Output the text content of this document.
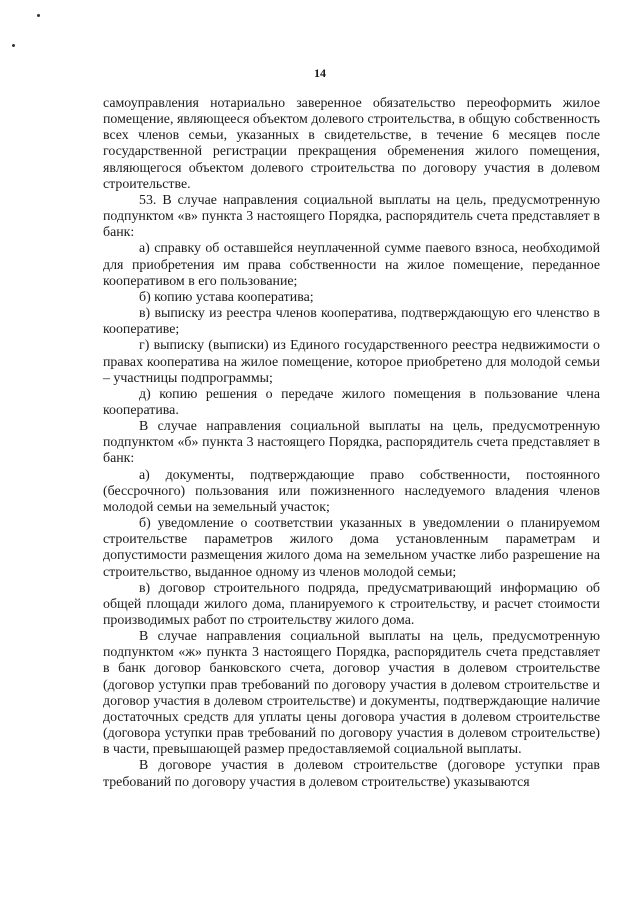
14

самоуправления нотариально заверенное обязательство переоформить жилое помещение, являющееся объектом долевого строительства, в общую собственность всех членов семьи, указанных в свидетельстве, в течение 6 месяцев после государственной регистрации прекращения обременения жилого помещения, являющегося объектом долевого строительства по договору участия в долевом строительстве.

53. В случае направления социальной выплаты на цель, предусмотренную подпунктом «в» пункта 3 настоящего Порядка, распорядитель счета представляет в банк:

а) справку об оставшейся неуплаченной сумме паевого взноса, необходимой для приобретения им права собственности на жилое помещение, переданное кооперативом в его пользование;

б) копию устава кооператива;

в) выписку из реестра членов кооператива, подтверждающую его членство в кооперативе;

г) выписку (выписки) из Единого государственного реестра недвижимости о правах кооператива на жилое помещение, которое приобретено для молодой семьи – участницы подпрограммы;

д) копию решения о передаче жилого помещения в пользование члена кооператива.

В случае направления социальной выплаты на цель, предусмотренную подпунктом «б» пункта 3 настоящего Порядка, распорядитель счета представляет в банк:

а) документы, подтверждающие право собственности, постоянного (бессрочного) пользования или пожизненного наследуемого владения членов молодой семьи на земельный участок;

б) уведомление о соответствии указанных в уведомлении о планируемом строительстве параметров жилого дома установленным параметрам и допустимости размещения жилого дома на земельном участке либо разрешение на строительство, выданное одному из членов молодой семьи;

в) договор строительного подряда, предусматривающий информацию об общей площади жилого дома, планируемого к строительству, и расчет стоимости производимых работ по строительству жилого дома.

В случае направления социальной выплаты на цель, предусмотренную подпунктом «ж» пункта 3 настоящего Порядка, распорядитель счета представляет в банк договор банковского счета, договор участия в долевом строительстве (договор уступки прав требований по договору участия в долевом строительстве и договор участия в долевом строительстве) и документы, подтверждающие наличие достаточных средств для уплаты цены договора участия в долевом строительстве (договора уступки прав требований по договору участия в долевом строительстве) в части, превышающей размер предоставляемой социальной выплаты.

В договоре участия в долевом строительстве (договоре уступки прав требований по договору участия в долевом строительстве) указываются
